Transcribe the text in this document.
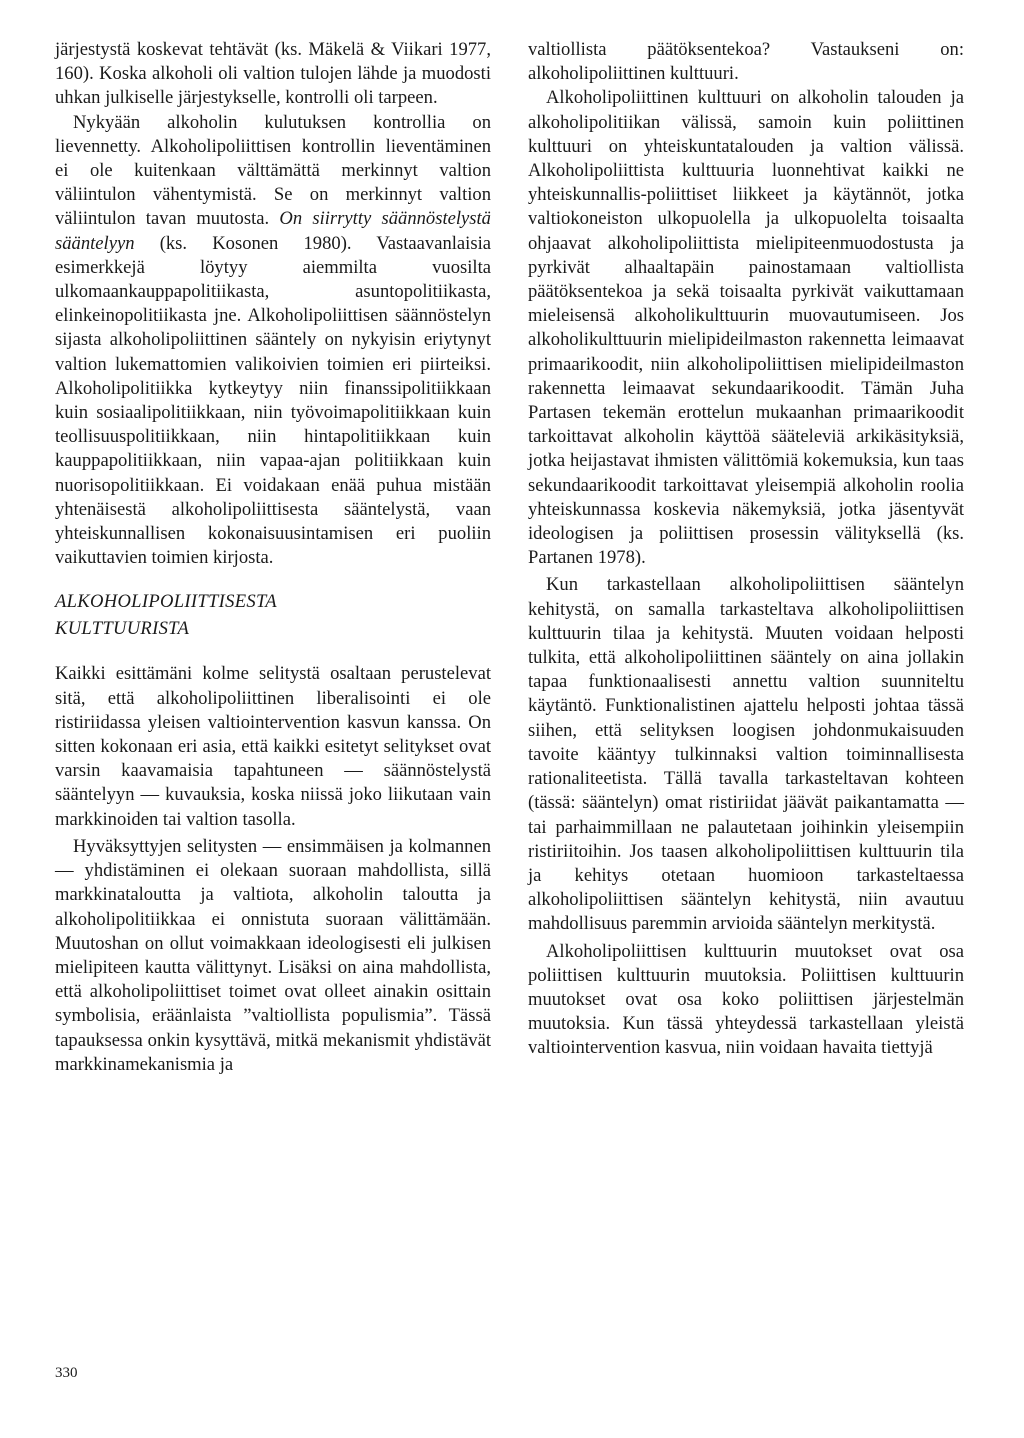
järjestystä koskevat tehtävät (ks. Mäkelä & Viikari 1977, 160). Koska alkoholi oli valtion tulojen lähde ja muodosti uhkan julkiselle järjestykselle, kontrolli oli tarpeen.

Nykyään alkoholin kulutuksen kontrollia on lievennetty. Alkoholipoliittisen kontrollin lieventäminen ei ole kuitenkaan välttämättä merkinnyt valtion väliintulon vähentymistä. Se on merkinnyt valtion väliintulon tavan muutosta. On siirrytty säännöstelystä sääntelyyn (ks. Kosonen 1980). Vastaavanlaisia esimerkkejä löytyy aiemmilta vuosilta ulkomaankauppapolitiikasta, asuntopolitiikasta, elinkeinopolitiikasta jne. Alkoholipoliittisen säännöstelyn sijasta alkoholipoliittinen sääntely on nykyisin eriytynyt valtion lukemattomien valikoivien toimien eri piirteiksi. Alkoholipolitiikka kytkeytyy niin finanssipolitiikkaan kuin sosiaalipolitiikkaan, niin työvoimapolitiikkaan kuin teollisuuspolitiikkaan, niin hintapolitiikkaan kuin kauppapolitiikkaan, niin vapaa-ajan politiikkaan kuin nuorisopolitiikkaan. Ei voidakaan enää puhua mistään yhtenäisestä alkoholipoliittisesta sääntelystä, vaan yhteiskunnallisen kokonaisuusintamisen eri puoliin vaikuttavien toimien kirjosta.

ALKOHOLIPOLIITTISESTA
KULTTUURISTA

Kaikki esittämäni kolme selitystä osaltaan perustelevat sitä, että alkoholipoliittinen liberalisointi ei ole ristiriidassa yleisen valtiointervention kasvun kanssa. On sitten kokonaan eri asia, että kaikki esitetyt selitykset ovat varsin kaavamaisia tapahtuneen — säännöstelystä sääntelyyn — kuvauksia, koska niissä joko liikutaan vain markkinoiden tai valtion tasolla.

Hyväksyttyjen selitysten — ensimmäisen ja kolmannen — yhdistäminen ei olekaan suoraan mahdollista, sillä markkinataloutta ja valtiota, alkoholin taloutta ja alkoholipolitiikkaa ei onnistuta suoraan välittämään. Muutoshan on ollut voimakkaan ideologisesti eli julkisen mielipiteen kautta välittynyt. Lisäksi on aina mahdollista, että alkoholipoliittiset toimet ovat olleet ainakin osittain symbolisia, eräänlaista ”valtiollista populismia”. Tässä tapauksessa onkin kysyttävä, mitkä mekanismit yhdistävät markkinamekanismia ja

valtiollista päätöksentekoa? Vastaukseni on: alkoholipoliittinen kulttuuri.

Alkoholipoliittinen kulttuuri on alkoholin talouden ja alkoholipolitiikan välissä, samoin kuin poliittinen kulttuuri on yhteiskuntatalouden ja valtion välissä. Alkoholipoliittista kulttuuria luonnehtivat kaikki ne yhteiskunnallis-poliittiset liikkeet ja käytännöt, jotka valtiokoneiston ulkopuolella ja ulkopuolelta toisaalta ohjaavat alkoholipoliittista mielipiteenmuodostusta ja pyrkivät alhaaltapäin painostamaan valtiollista päätöksentekoa ja sekä toisaalta pyrkivät vaikuttamaan mieleisensä alkoholikulttuurin muovautumiseen. Jos alkoholikulttuurin mielipideilmaston rakennetta leimaavat primaarikoodit, niin alkoholipoliittisen mielipideilmaston rakennetta leimaavat sekundaarikoodit. Tämän Juha Partasen tekemän erottelun mukaanhan primaarikoodit tarkoittavat alkoholin käyttöä sääteleviä arkikäsityksiä, jotka heijastavat ihmisten välittömiä kokemuksia, kun taas sekundaarikoodit tarkoittavat yleisempiä alkoholin roolia yhteiskunnassa koskevia näkemyksiä, jotka jäsentyvät ideologisen ja poliittisen prosessin välityksellä (ks. Partanen 1978).

Kun tarkastellaan alkoholipoliittisen sääntelyn kehitystä, on samalla tarkasteltava alkoholipoliittisen kulttuurin tilaa ja kehitystä. Muuten voidaan helposti tulkita, että alkoholipoliittinen sääntely on aina jollakin tapaa funktionaalisesti annettu valtion suunniteltu käytäntö. Funktionalistinen ajattelu helposti johtaa tässä siihen, että selityksen loogisen johdonmukaisuuden tavoite kääntyy tulkinnaksi valtion toiminnallisesta rationaliteetista. Tällä tavalla tarkasteltavan kohteen (tässä: sääntelyn) omat ristiriidat jäävät paikantamatta — tai parhaimmillaan ne palautetaan joihinkin yleisempiin ristiriitoihin. Jos taasen alkoholipoliittisen kulttuurin tila ja kehitys otetaan huomioon tarkasteltaessa alkoholipoliittisen sääntelyn kehitystä, niin avautuu mahdollisuus paremmin arvioida sääntelyn merkitystä.

Alkoholipoliittisen kulttuurin muutokset ovat osa poliittisen kulttuurin muutoksia. Poliittisen kulttuurin muutokset ovat osa koko poliittisen järjestelmän muutoksia. Kun tässä yhteydessä tarkastellaan yleistä valtiointervention kasvua, niin voidaan havaita tiettyjä

330
